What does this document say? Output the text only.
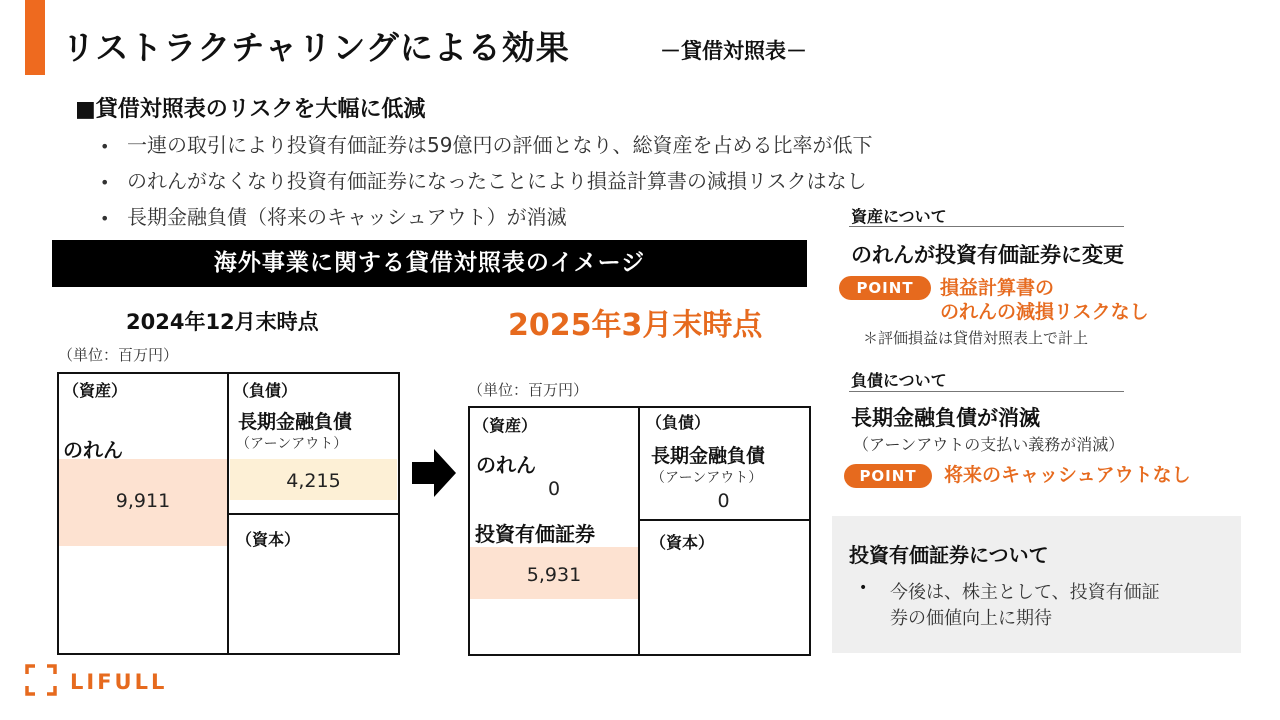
リストラクチャリングによる効果	－貸借対照表－
■貸借対照表のリスクを大幅に低減
• 一連の取引により投資有価証券は59億円の評価となり、総資産を占める比率が低下
• のれんがなくなり投資有価証券になったことにより損益計算書の減損リスクはなし
• 長期金融負債（将来のキャッシュアウト）が消滅
海外事業に関する貸借対照表のイメージ
2024年12月末時点
（単位：百万円）
（資産）
のれん
9,911
（負債）
長期金融負債
（アーンアウト）
4,215
（資本）
2025年3月末時点
（単位：百万円）
（資産）
のれん
0
投資有価証券
5,931
（負債）
長期金融負債
（アーンアウト）
0
（資本）
資産について
のれんが投資有価証券に変更
POINT	損益計算書の
のれんの減損リスクなし
＊評価損益は貸借対照表上で計上
負債について
長期金融負債が消滅
（アーンアウトの支払い義務が消滅）
POINT	将来のキャッシュアウトなし
投資有価証券について
• 今後は、株主として、投資有価証
券の価値向上に期待
LIFULL
